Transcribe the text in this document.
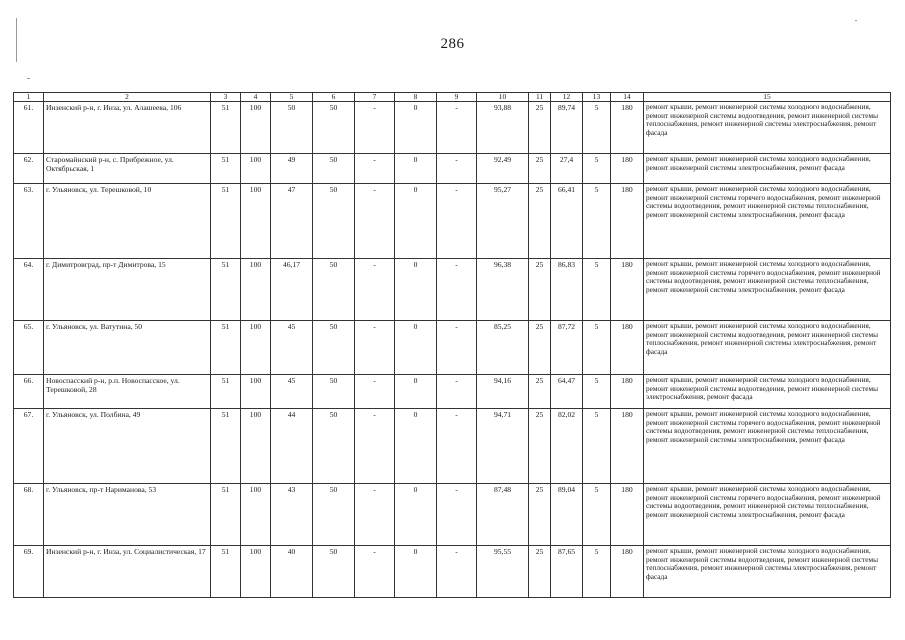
286
1	2	3	4	5	6	7	8	9	10	11	12	13	14	15
61.	Инзенский р-н, г. Инза, ул. Алашеева, 106	51	100	50	50	-	0	-	93,88	25	89,74	5	180	ремонт крыши, ремонт инженерной системы холодного водоснабжения, ремонт инженерной системы водоотведения, ремонт инженерной системы теплоснабжения, ремонт инженерной системы электроснабжения, ремонт фасада
62.	Старомайнский р-н, с. Прибрежное, ул. Октябрьская, 1	51	100	49	50	-	0	-	92,49	25	27,4	5	180	ремонт крыши, ремонт инженерной системы холодного водоснабжения, ремонт инженерной системы электроснабжения, ремонт фасада
63.	г. Ульяновск, ул. Терешковой, 10	51	100	47	50	-	0	-	95,27	25	66,41	5	180	ремонт крыши, ремонт инженерной системы холодного водоснабжения, ремонт инженерной системы горячего водоснабжения, ремонт инженерной системы водоотведения, ремонт инженерной системы теплоснабжения, ремонт инженерной системы электроснабжения, ремонт фасада
64.	г. Димитровград, пр-т Димитрова, 15	51	100	46,17	50	-	0	-	96,38	25	86,83	5	180	ремонт крыши, ремонт инженерной системы холодного водоснабжения, ремонт инженерной системы горячего водоснабжения, ремонт инженерной системы водоотведения, ремонт инженерной системы теплоснабжения, ремонт инженерной системы электроснабжения, ремонт фасада
65.	г. Ульяновск, ул. Ватутина, 50	51	100	45	50	-	0	-	85,25	25	87,72	5	180	ремонт крыши, ремонт инженерной системы холодного водоснабжения, ремонт инженерной системы водоотведения, ремонт инженерной системы теплоснабжения, ремонт инженерной системы электроснабжения, ремонт фасада
66.	Новоспасский р-н, р.п. Новоспасское, ул. Терешковой, 28	51	100	45	50	-	0	-	94,16	25	64,47	5	180	ремонт крыши, ремонт инженерной системы холодного водоснабжения, ремонт инженерной системы водоотведения, ремонт инженерной системы электроснабжения, ремонт фасада
67.	г. Ульяновск, ул. Полбина, 49	51	100	44	50	-	0	-	94,71	25	82,02	5	180	ремонт крыши, ремонт инженерной системы холодного водоснабжения, ремонт инженерной системы горячего водоснабжения, ремонт инженерной системы водоотведения, ремонт инженерной системы теплоснабжения, ремонт инженерной системы электроснабжения, ремонт фасада
68.	г. Ульяновск, пр-т Нариманова, 53	51	100	43	50	-	0	-	87,48	25	89,04	5	180	ремонт крыши, ремонт инженерной системы холодного водоснабжения, ремонт инженерной системы горячего водоснабжения, ремонт инженерной системы водоотведения, ремонт инженерной системы теплоснабжения, ремонт инженерной системы электроснабжения, ремонт фасада
69.	Инзенский р-н, г. Инза, ул. Социалистическая, 17	51	100	40	50	-	0	-	95,55	25	87,65	5	180	ремонт крыши, ремонт инженерной системы холодного водоснабжения, ремонт инженерной системы водоотведения, ремонт инженерной системы теплоснабжения, ремонт инженерной системы электроснабжения, ремонт фасада
